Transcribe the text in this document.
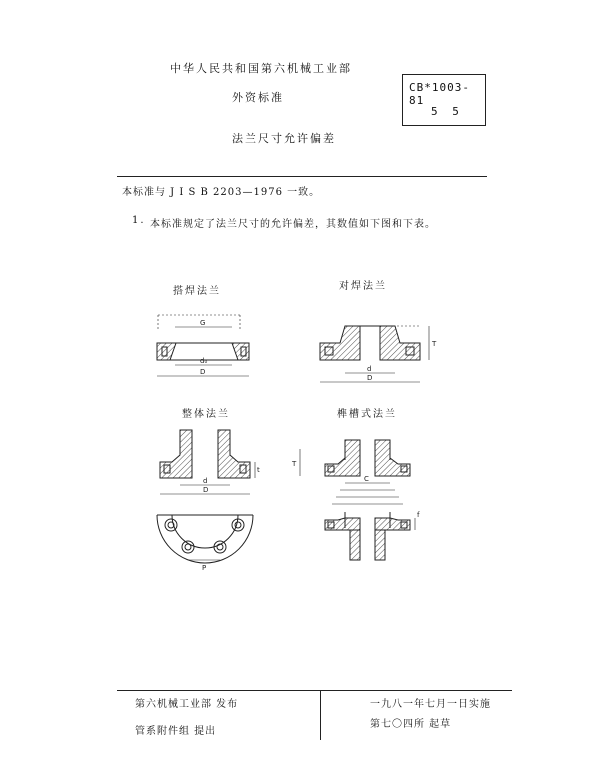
中华人民共和国第六机械工业部
外资标准
法兰尺寸允许偏差
CB*1003-81
5 5
本标准与 J I S B 2203—1976 一致。
1. 本标准规定了法兰尺寸的允许偏差，其数值如下图和下表。
搭焊法兰	对焊法兰
整体法兰	榫槽式法兰
G
d₀
D
T
d
D
t
d
D
P
T
C
f
第六机械工业部 发布
管系附件组 提出
一九八一年七月一日实施
第七〇四所 起草
